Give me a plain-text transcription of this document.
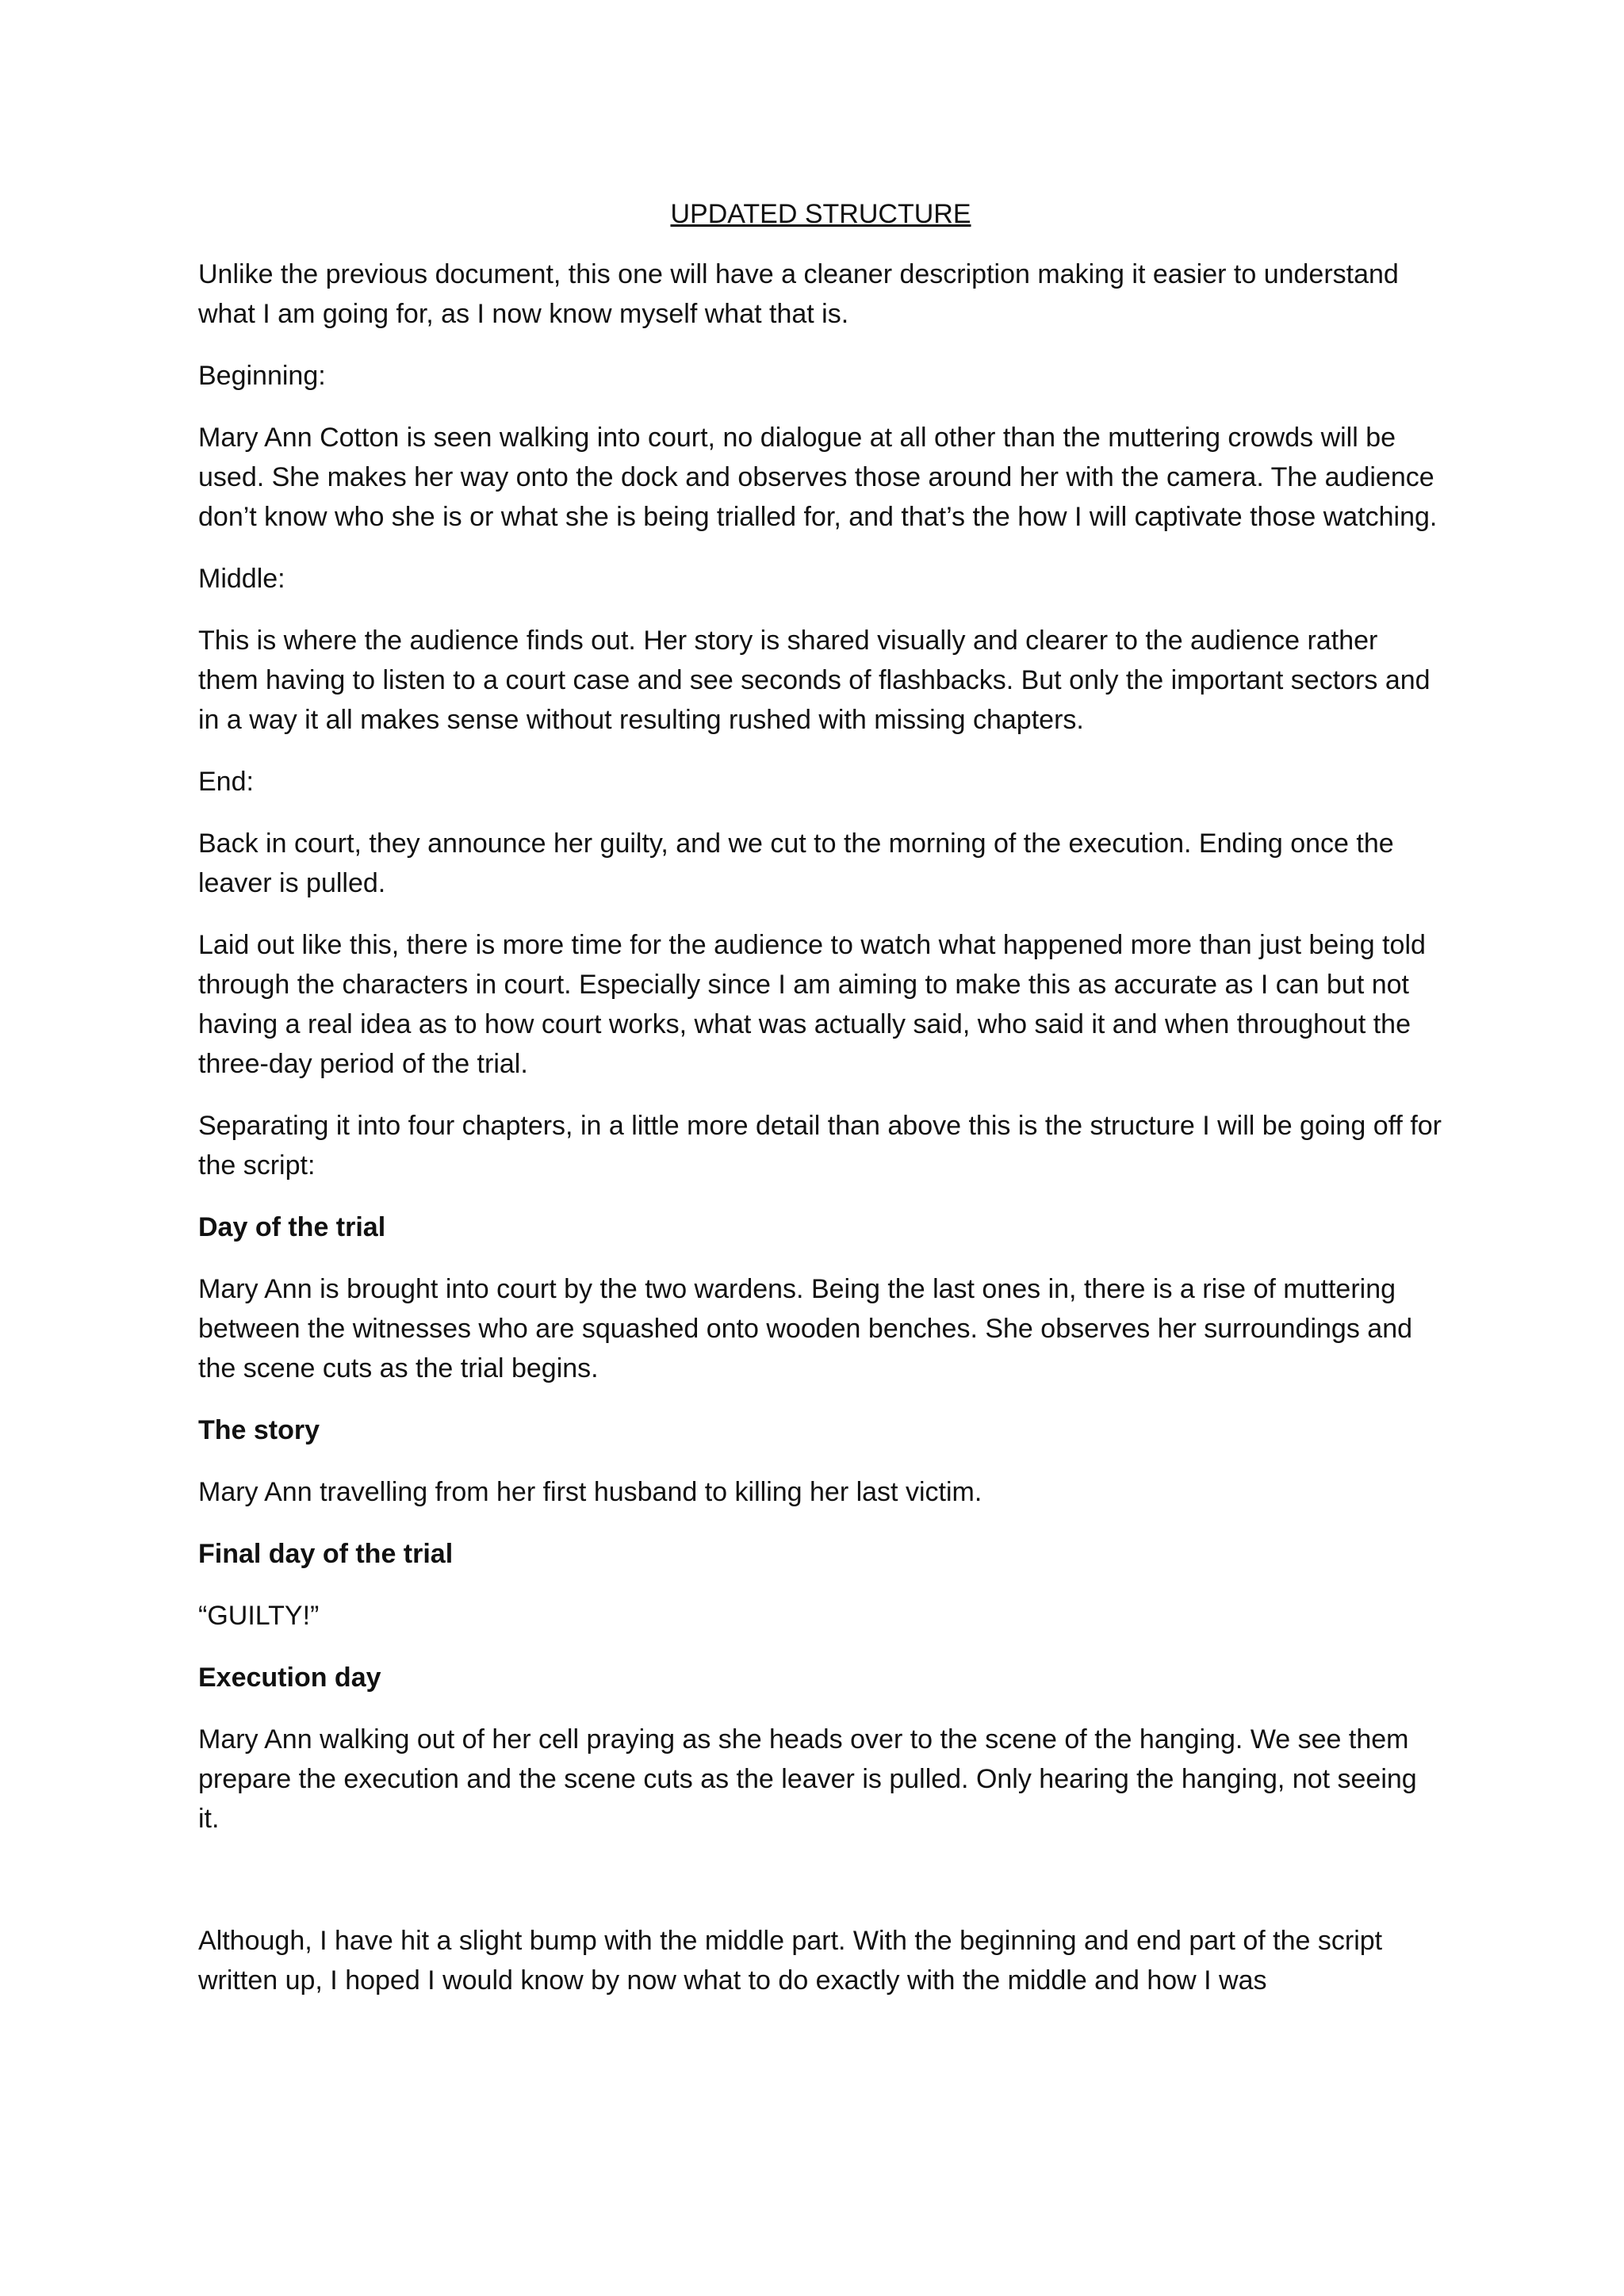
UPDATED STRUCTURE

Unlike the previous document, this one will have a cleaner description making it easier to understand what I am going for, as I now know myself what that is.

Beginning:

Mary Ann Cotton is seen walking into court, no dialogue at all other than the muttering crowds will be used. She makes her way onto the dock and observes those around her with the camera. The audience don’t know who she is or what she is being trialled for, and that’s the how I will captivate those watching.

Middle:

This is where the audience finds out. Her story is shared visually and clearer to the audience rather them having to listen to a court case and see seconds of flashbacks. But only the important sectors and in a way it all makes sense without resulting rushed with missing chapters.

End:

Back in court, they announce her guilty, and we cut to the morning of the execution. Ending once the leaver is pulled.

Laid out like this, there is more time for the audience to watch what happened more than just being told through the characters in court. Especially since I am aiming to make this as accurate as I can but not having a real idea as to how court works, what was actually said, who said it and when throughout the three-day period of the trial.

Separating it into four chapters, in a little more detail than above this is the structure I will be going off for the script:

Day of the trial

Mary Ann is brought into court by the two wardens. Being the last ones in, there is a rise of muttering between the witnesses who are squashed onto wooden benches. She observes her surroundings and the scene cuts as the trial begins.

The story

Mary Ann travelling from her first husband to killing her last victim.

Final day of the trial

“GUILTY!”

Execution day

Mary Ann walking out of her cell praying as she heads over to the scene of the hanging. We see them prepare the execution and the scene cuts as the leaver is pulled. Only hearing the hanging, not seeing it.

Although, I have hit a slight bump with the middle part. With the beginning and end part of the script written up, I hoped I would know by now what to do exactly with the middle and how I was
